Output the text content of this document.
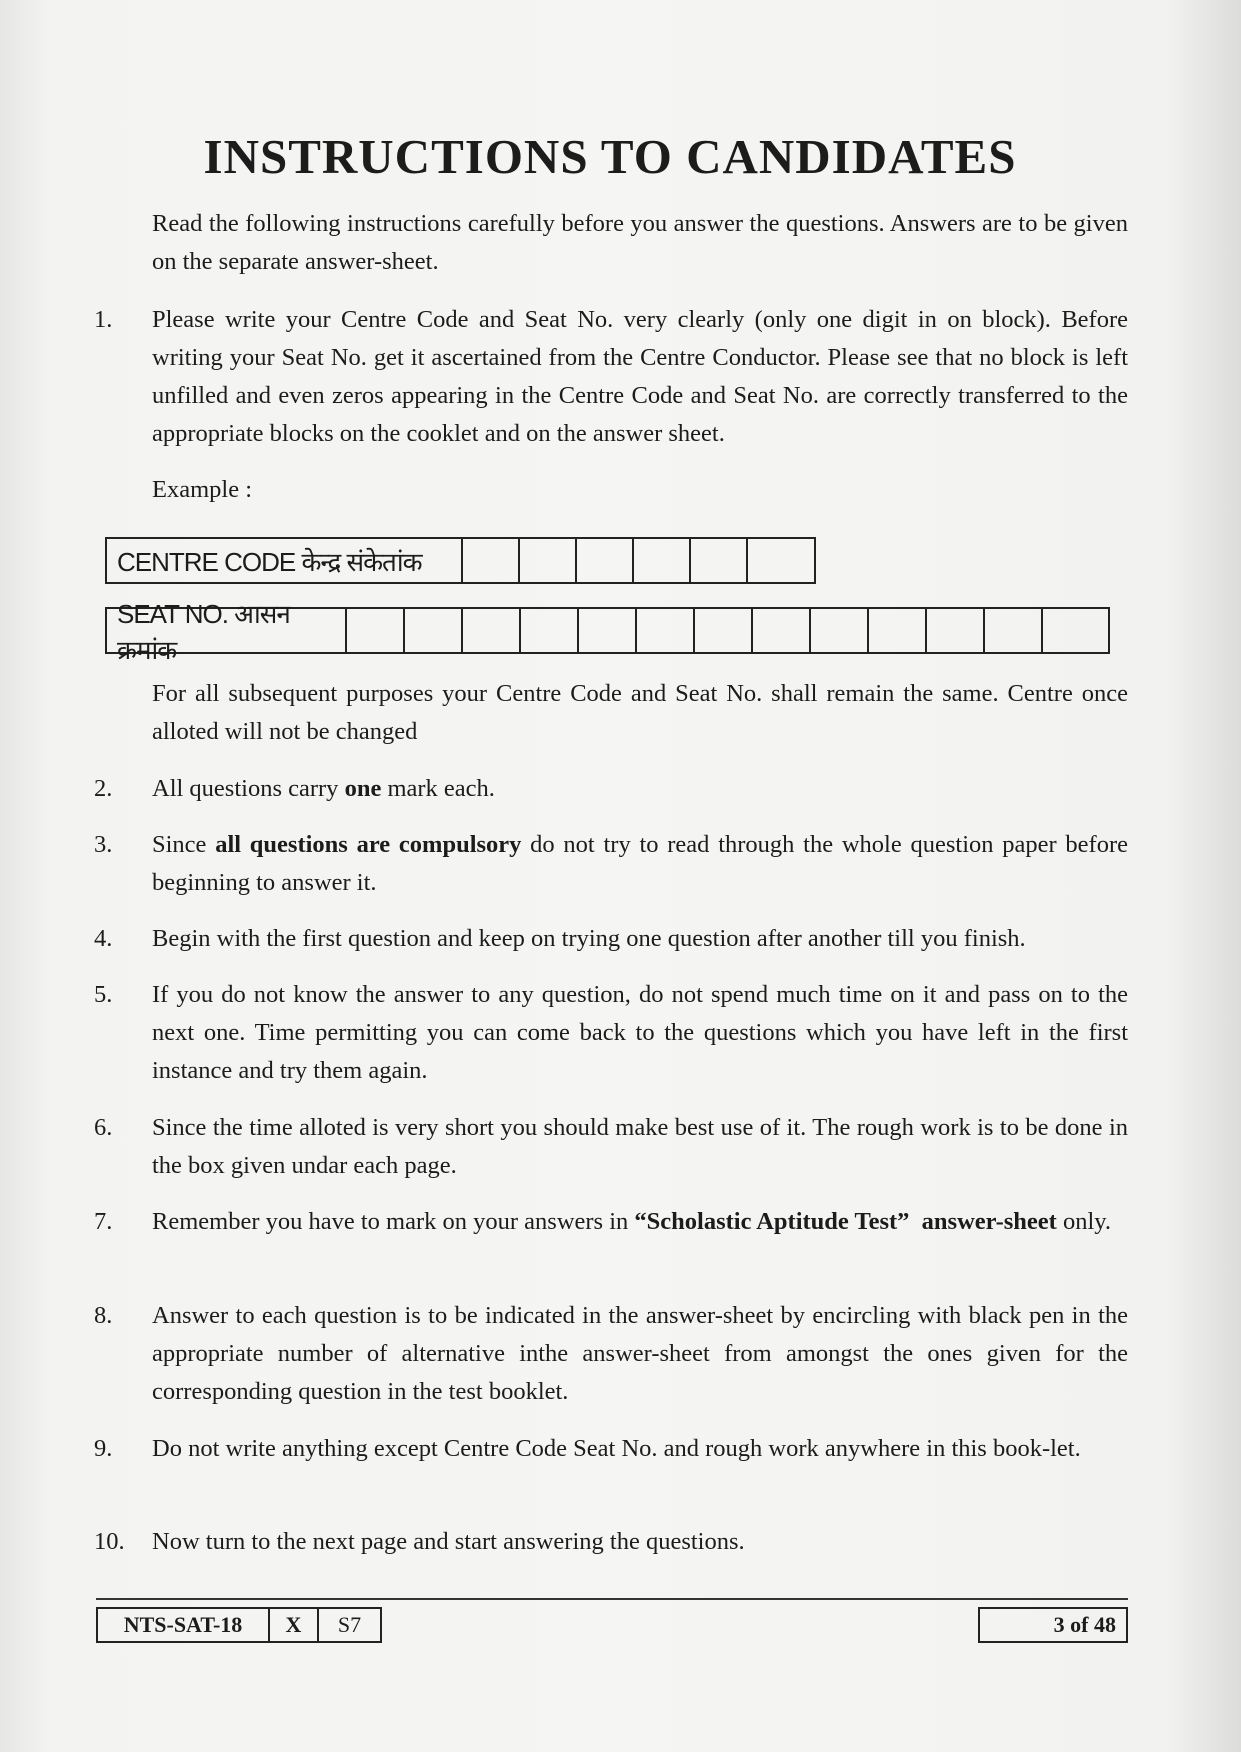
INSTRUCTIONS TO CANDIDATES
Read the following instructions carefully before you answer the questions. Answers are to be given on the separate answer-sheet.
1. Please write your Centre Code and Seat No. very clearly (only one digit in on block). Before writing your Seat No. get it ascertained from the Centre Conductor. Please see that no block is left unfilled and even zeros appearing in the Centre Code and Seat No. are correctly transferred to the appropriate blocks on the cooklet and on the answer sheet.
Example :
CENTRE CODE केन्द्र संकेतांक
SEAT NO. आसन क्रमांक
For all subsequent purposes your Centre Code and Seat No. shall remain the same. Centre once alloted will not be changed
2. All questions carry one mark each.
3. Since all questions are compulsory do not try to read through the whole question paper before beginning to answer it.
4. Begin with the first question and keep on trying one question after another till you finish.
5. If you do not know the answer to any question, do not spend much time on it and pass on to the next one. Time permitting you can come back to the questions which you have left in the first instance and try them again.
6. Since the time alloted is very short you should make best use of it. The rough work is to be done in the box given undar each page.
7. Remember you have to mark on your answers in “Scholastic Aptitude Test” answer-sheet only.
8. Answer to each question is to be indicated in the answer-sheet by encircling with black pen in the appropriate number of alternative inthe answer-sheet from amongst the ones given for the corresponding question in the test booklet.
9. Do not write anything except Centre Code Seat No. and rough work anywhere in this book-let.
10. Now turn to the next page and start answering the questions.
NTS-SAT-18	X	S7	3 of 48
